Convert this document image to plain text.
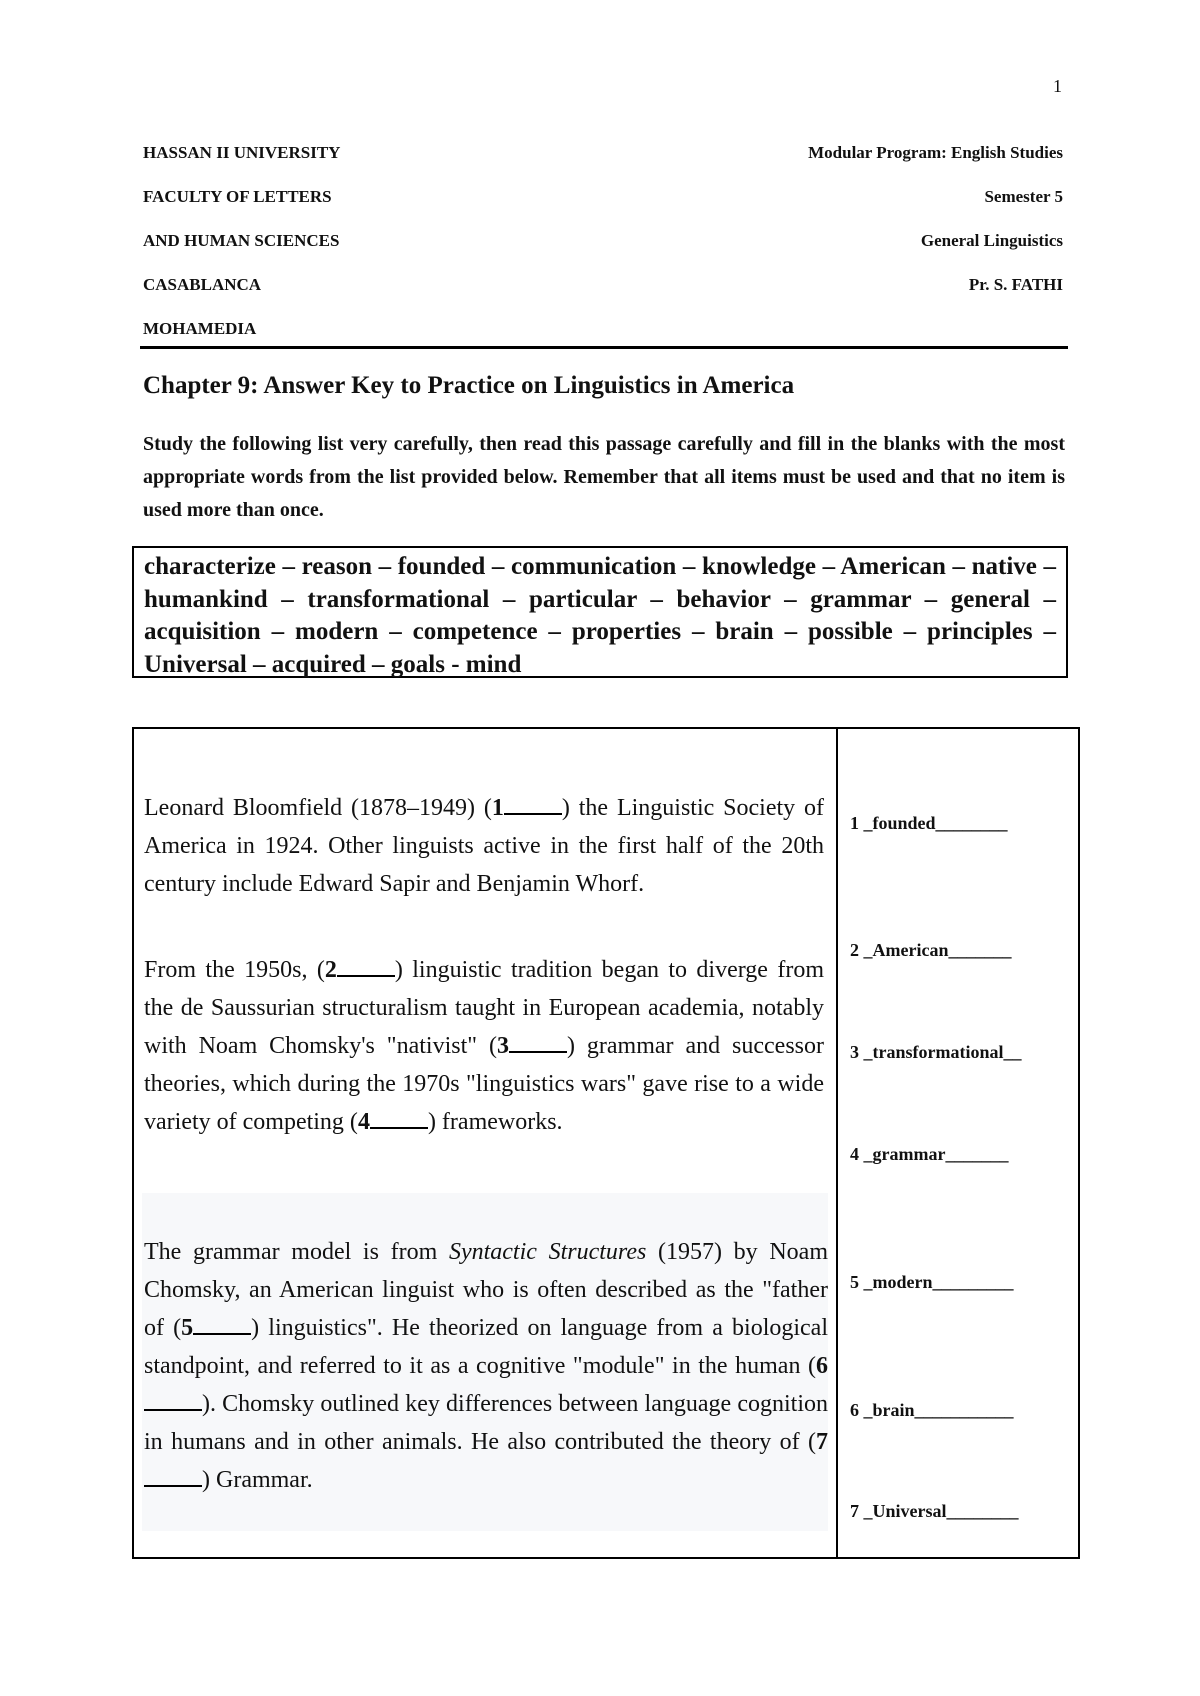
1
HASSAN II UNIVERSITY	Modular Program: English Studies
FACULTY OF LETTERS	Semester 5
AND HUMAN SCIENCES	General Linguistics
CASABLANCA	Pr. S. FATHI
MOHAMEDIA
Chapter 9: Answer Key to Practice on Linguistics in America

Study the following list very carefully, then read this passage carefully and fill in the blanks with the most appropriate words from the list provided below. Remember that all items must be used and that no item is used more than once.

characterize – reason – founded – communication – knowledge – American – native – humankind – transformational – particular – behavior – grammar – general – acquisition – modern – competence – properties – brain – possible – principles – Universal – acquired – goals - mind

Leonard Bloomfield (1878–1949) (1 ) the Linguistic Society of America in 1924. Other linguists active in the first half of the 20th century include Edward Sapir and Benjamin Whorf.

From the 1950s, (2 ) linguistic tradition began to diverge from the de Saussurian structuralism taught in European academia, notably with Noam Chomsky's "nativist" (3 ) grammar and successor theories, which during the 1970s "linguistics wars" gave rise to a wide variety of competing (4 ) frameworks.

The grammar model is from Syntactic Structures (1957) by Noam Chomsky, an American linguist who is often described as the "father of (5 ) linguistics". He theorized on language from a biological standpoint, and referred to it as a cognitive "module" in the human (6). Chomsky outlined key differences between language cognition in humans and in other animals. He also contributed the theory of (7) Grammar.
1 _founded________
2 _American_______
3 _transformational__
4 _grammar_______
5 _modern_________
6 _brain___________
7 _Universal________
